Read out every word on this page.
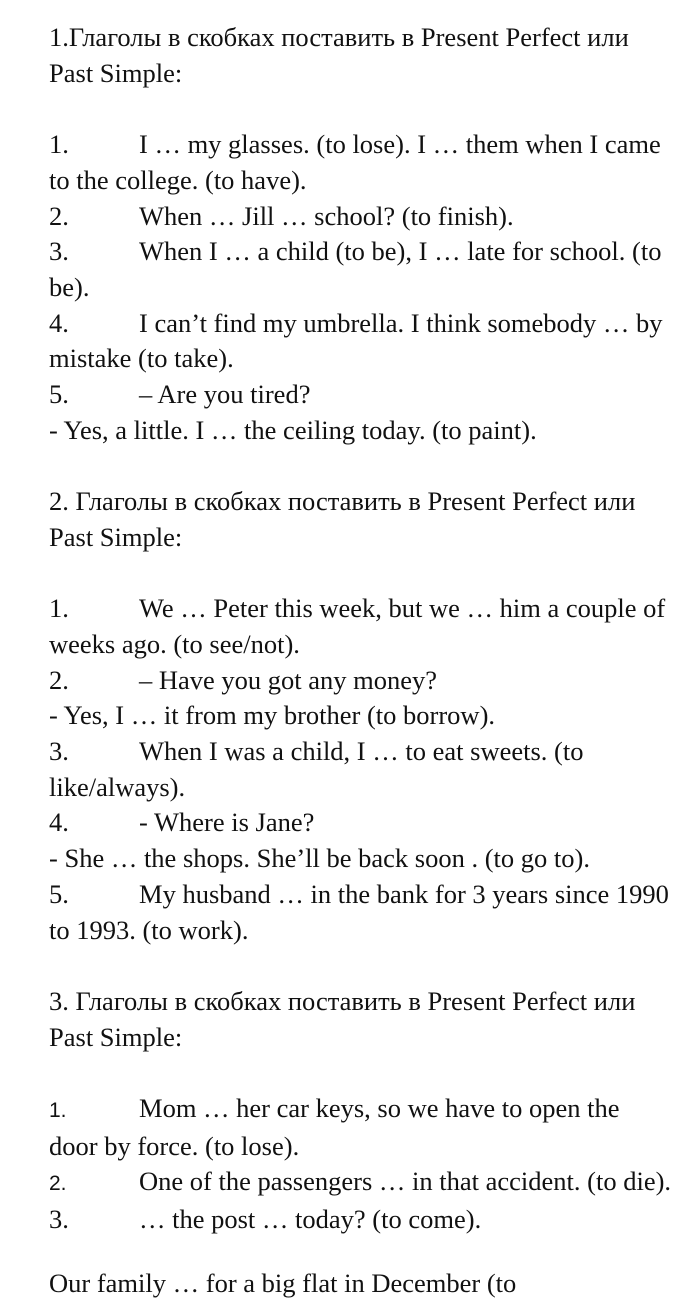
1.Глаголы в скобках поставить в Present Perfect или Past Simple:

1.	I … my glasses. (to lose). I … them when I came to the college. (to have).

2.	When … Jill … school? (to finish).

3.	When I … a child (to be), I … late for school. (to be).

4.	I can’t find my umbrella. I think somebody … by mistake (to take).

5.	– Are you tired?

- Yes, a little. I … the ceiling today. (to paint).

2. Глаголы в скобках поставить в Present Perfect или Past Simple:

1.	We … Peter this week, but we … him a couple of weeks ago. (to see/not).

2.	– Have you got any money?

- Yes, I … it from my brother (to borrow).

3.	When I was a child, I … to eat sweets. (to like/always).

4.	- Where is Jane?

- She … the shops. She’ll be back soon . (to go to).

5.	My husband … in the bank for 3 years since 1990 to 1993. (to work).

3. Глаголы в скобках поставить в Present Perfect или Past Simple:

1.	Mom … her car keys, so we have to open the door by force. (to lose).

2.	One of the passengers … in that accident. (to die).

3.	… the post … today? (to come).

Our family … for a big flat in December (to
